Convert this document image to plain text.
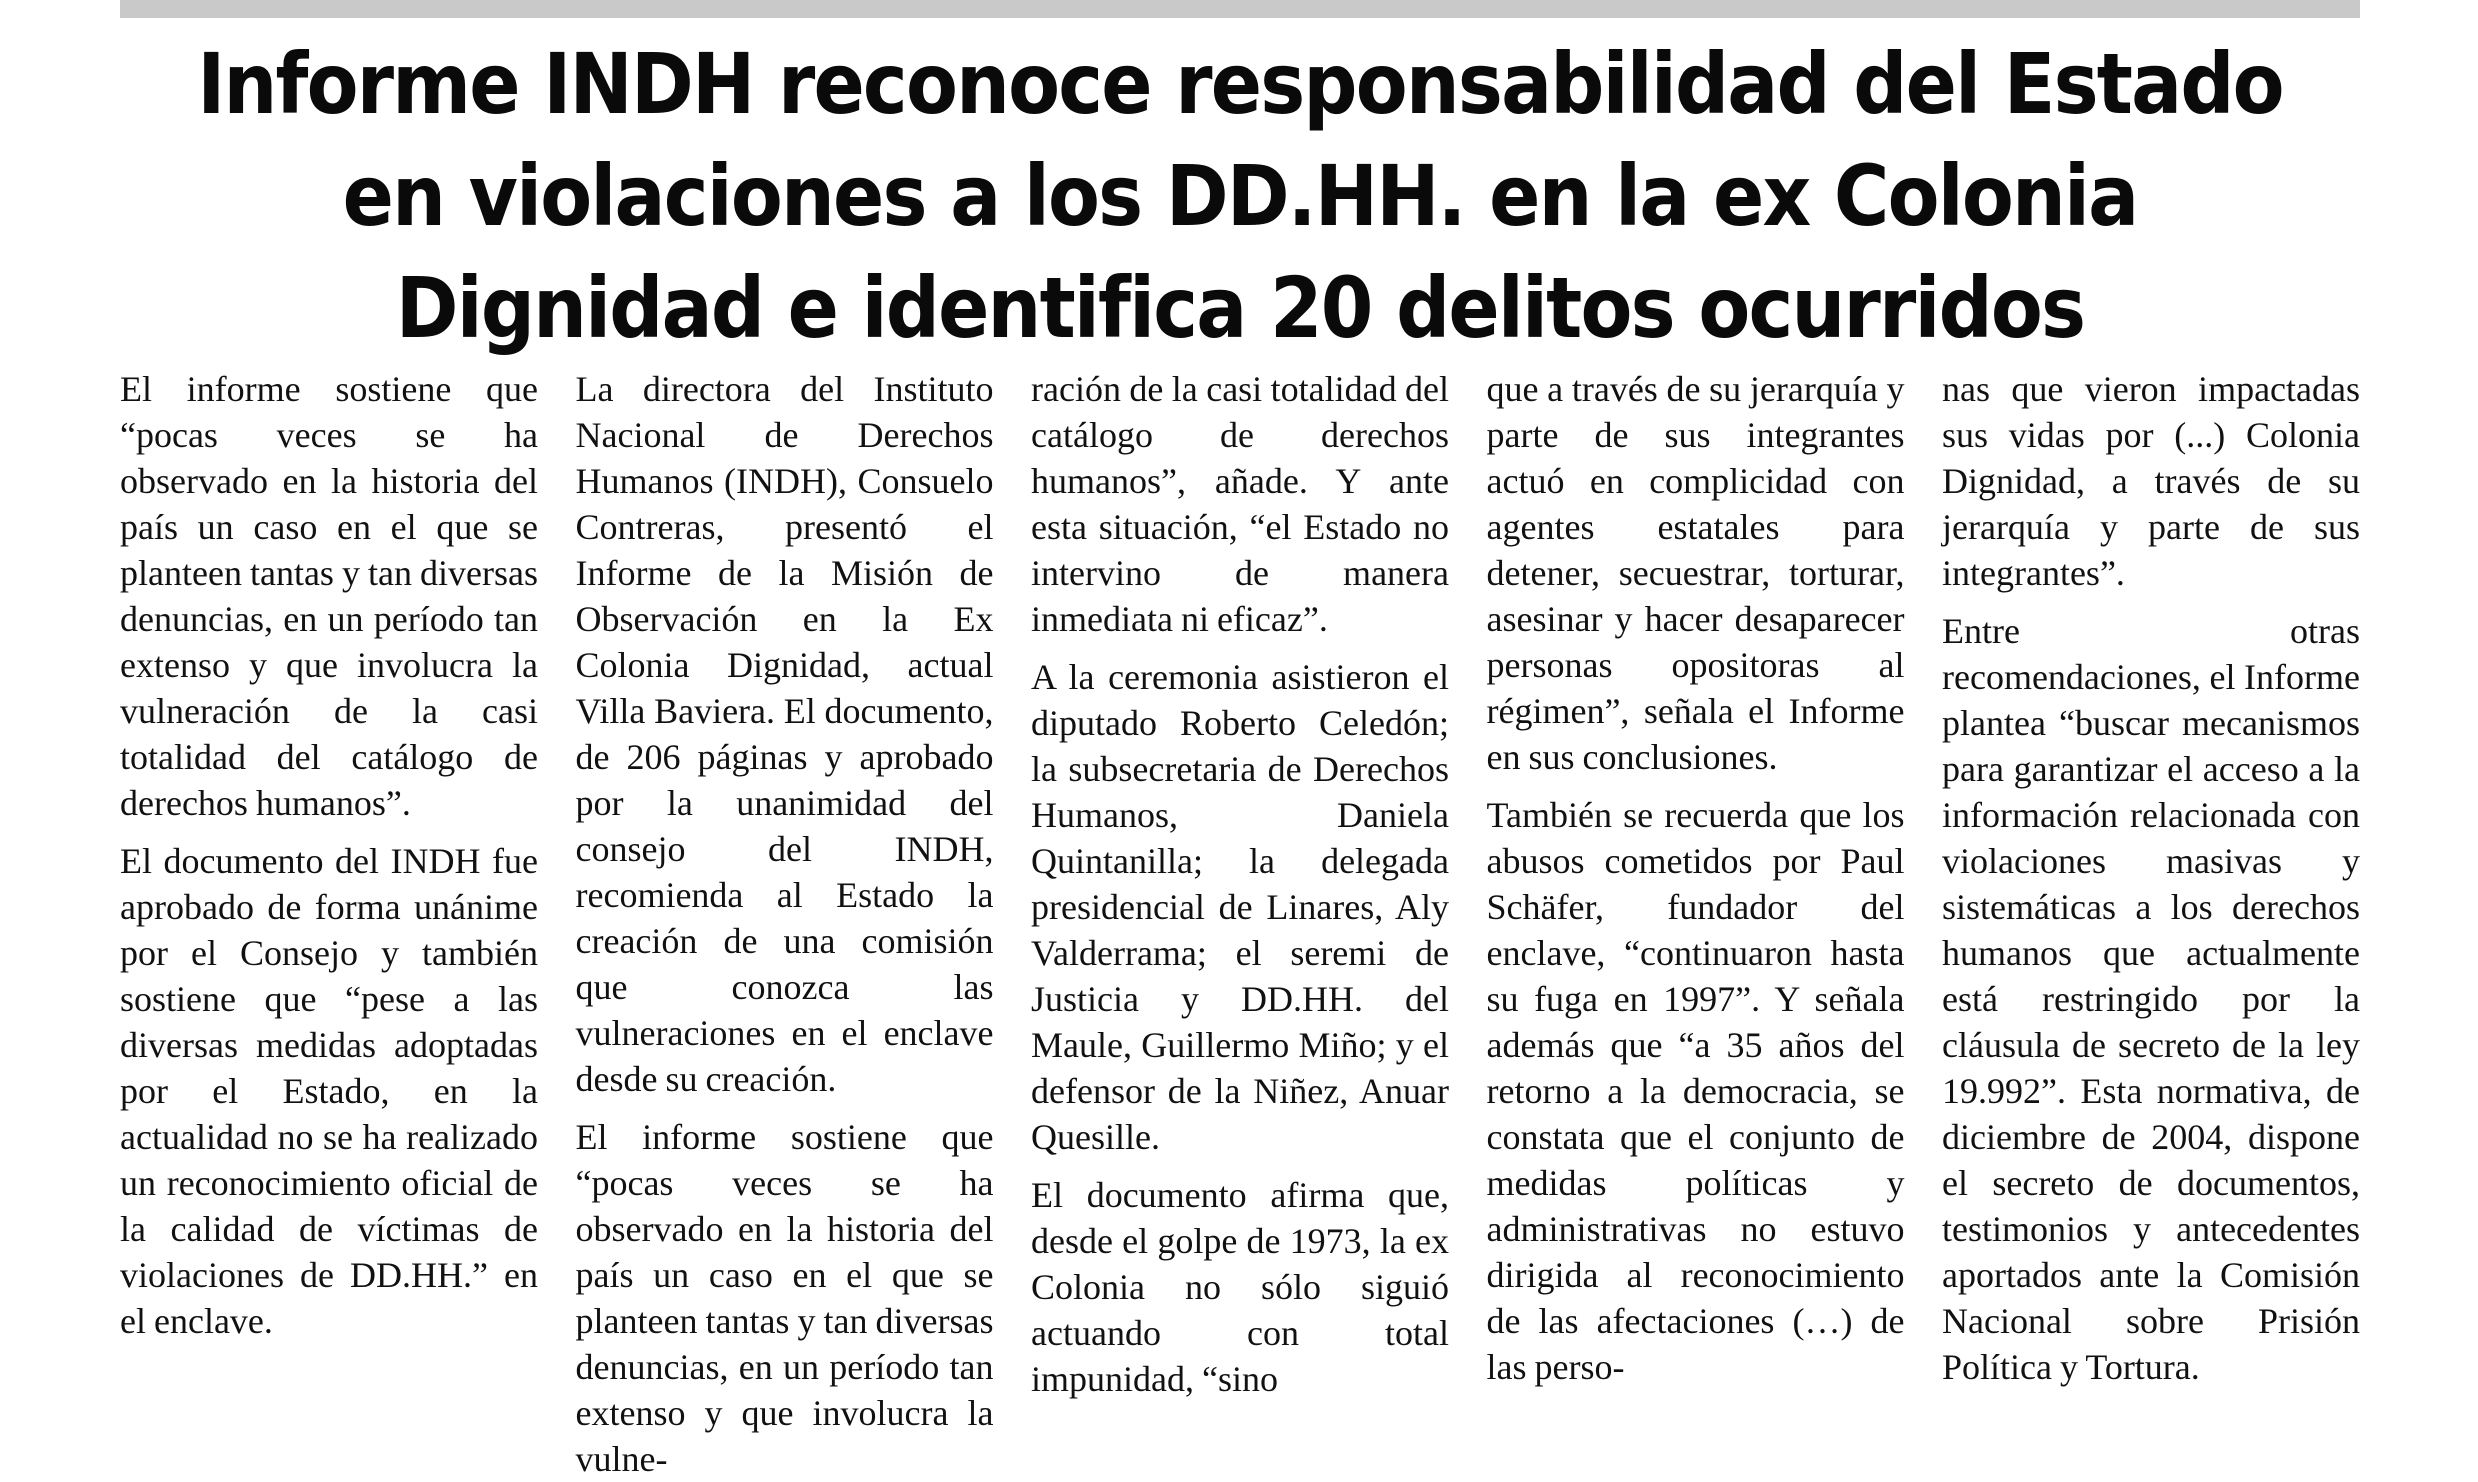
Informe INDH reconoce responsabilidad del Estado en violaciones a los DD.HH. en la ex Colonia Dignidad e identifica 20 delitos ocurridos

El informe sostiene que “pocas veces se ha observado en la historia del país un caso en el que se planteen tantas y tan diversas denuncias, en un período tan extenso y que involucra la vulneración de la casi totalidad del catálogo de derechos humanos”.

El documento del INDH fue aprobado de forma unánime por el Consejo y también sostiene que “pese a las diversas medidas adoptadas por el Estado, en la actualidad no se ha realizado un reconocimiento oficial de la calidad de víctimas de violaciones de DD.HH.” en el enclave.

La directora del Instituto Nacional de Derechos Humanos (INDH), Consuelo Contreras, presentó el Informe de la Misión de Observación en la Ex Colonia Dignidad, actual Villa Baviera. El documento, de 206 páginas y aprobado por la unanimidad del consejo del INDH, recomienda al Estado la creación de una comisión que conozca las vulneraciones en el enclave desde su creación.

El informe sostiene que “pocas veces se ha observado en la historia del país un caso en el que se planteen tantas y tan diversas denuncias, en un período tan extenso y que involucra la vulne-

ración de la casi totalidad del catálogo de derechos humanos”, añade. Y ante esta situación, “el Estado no intervino de manera inmediata ni eficaz”.

A la ceremonia asistieron el diputado Roberto Celedón; la subsecretaria de Derechos Humanos, Daniela Quintanilla; la delegada presidencial de Linares, Aly Valderrama; el seremi de Justicia y DD.HH. del Maule, Guillermo Miño; y el defensor de la Niñez, Anuar Quesille.

El documento afirma que, desde el golpe de 1973, la ex Colonia no sólo siguió actuando con total impunidad, “sino

que a través de su jerarquía y parte de sus integrantes actuó en complicidad con agentes estatales para detener, secuestrar, torturar, asesinar y hacer desaparecer personas opositoras al régimen”, señala el Informe en sus conclusiones.

También se recuerda que los abusos cometidos por Paul Schäfer, fundador del enclave, “continuaron hasta su fuga en 1997”. Y señala además que “a 35 años del retorno a la democracia, se constata que el conjunto de medidas políticas y administrativas no estuvo dirigida al reconocimiento de las afectaciones (…) de las perso-

nas que vieron impactadas sus vidas por (...) Colonia Dignidad, a través de su jerarquía y parte de sus integrantes”.

Entre otras recomendaciones, el Informe plantea “buscar mecanismos para garantizar el acceso a la información relacionada con violaciones masivas y sistemáticas a los derechos humanos que actualmente está restringido por la cláusula de secreto de la ley 19.992”. Esta normativa, de diciembre de 2004, dispone el secreto de documentos, testimonios y antecedentes aportados ante la Comisión Nacional sobre Prisión Política y Tortura.
